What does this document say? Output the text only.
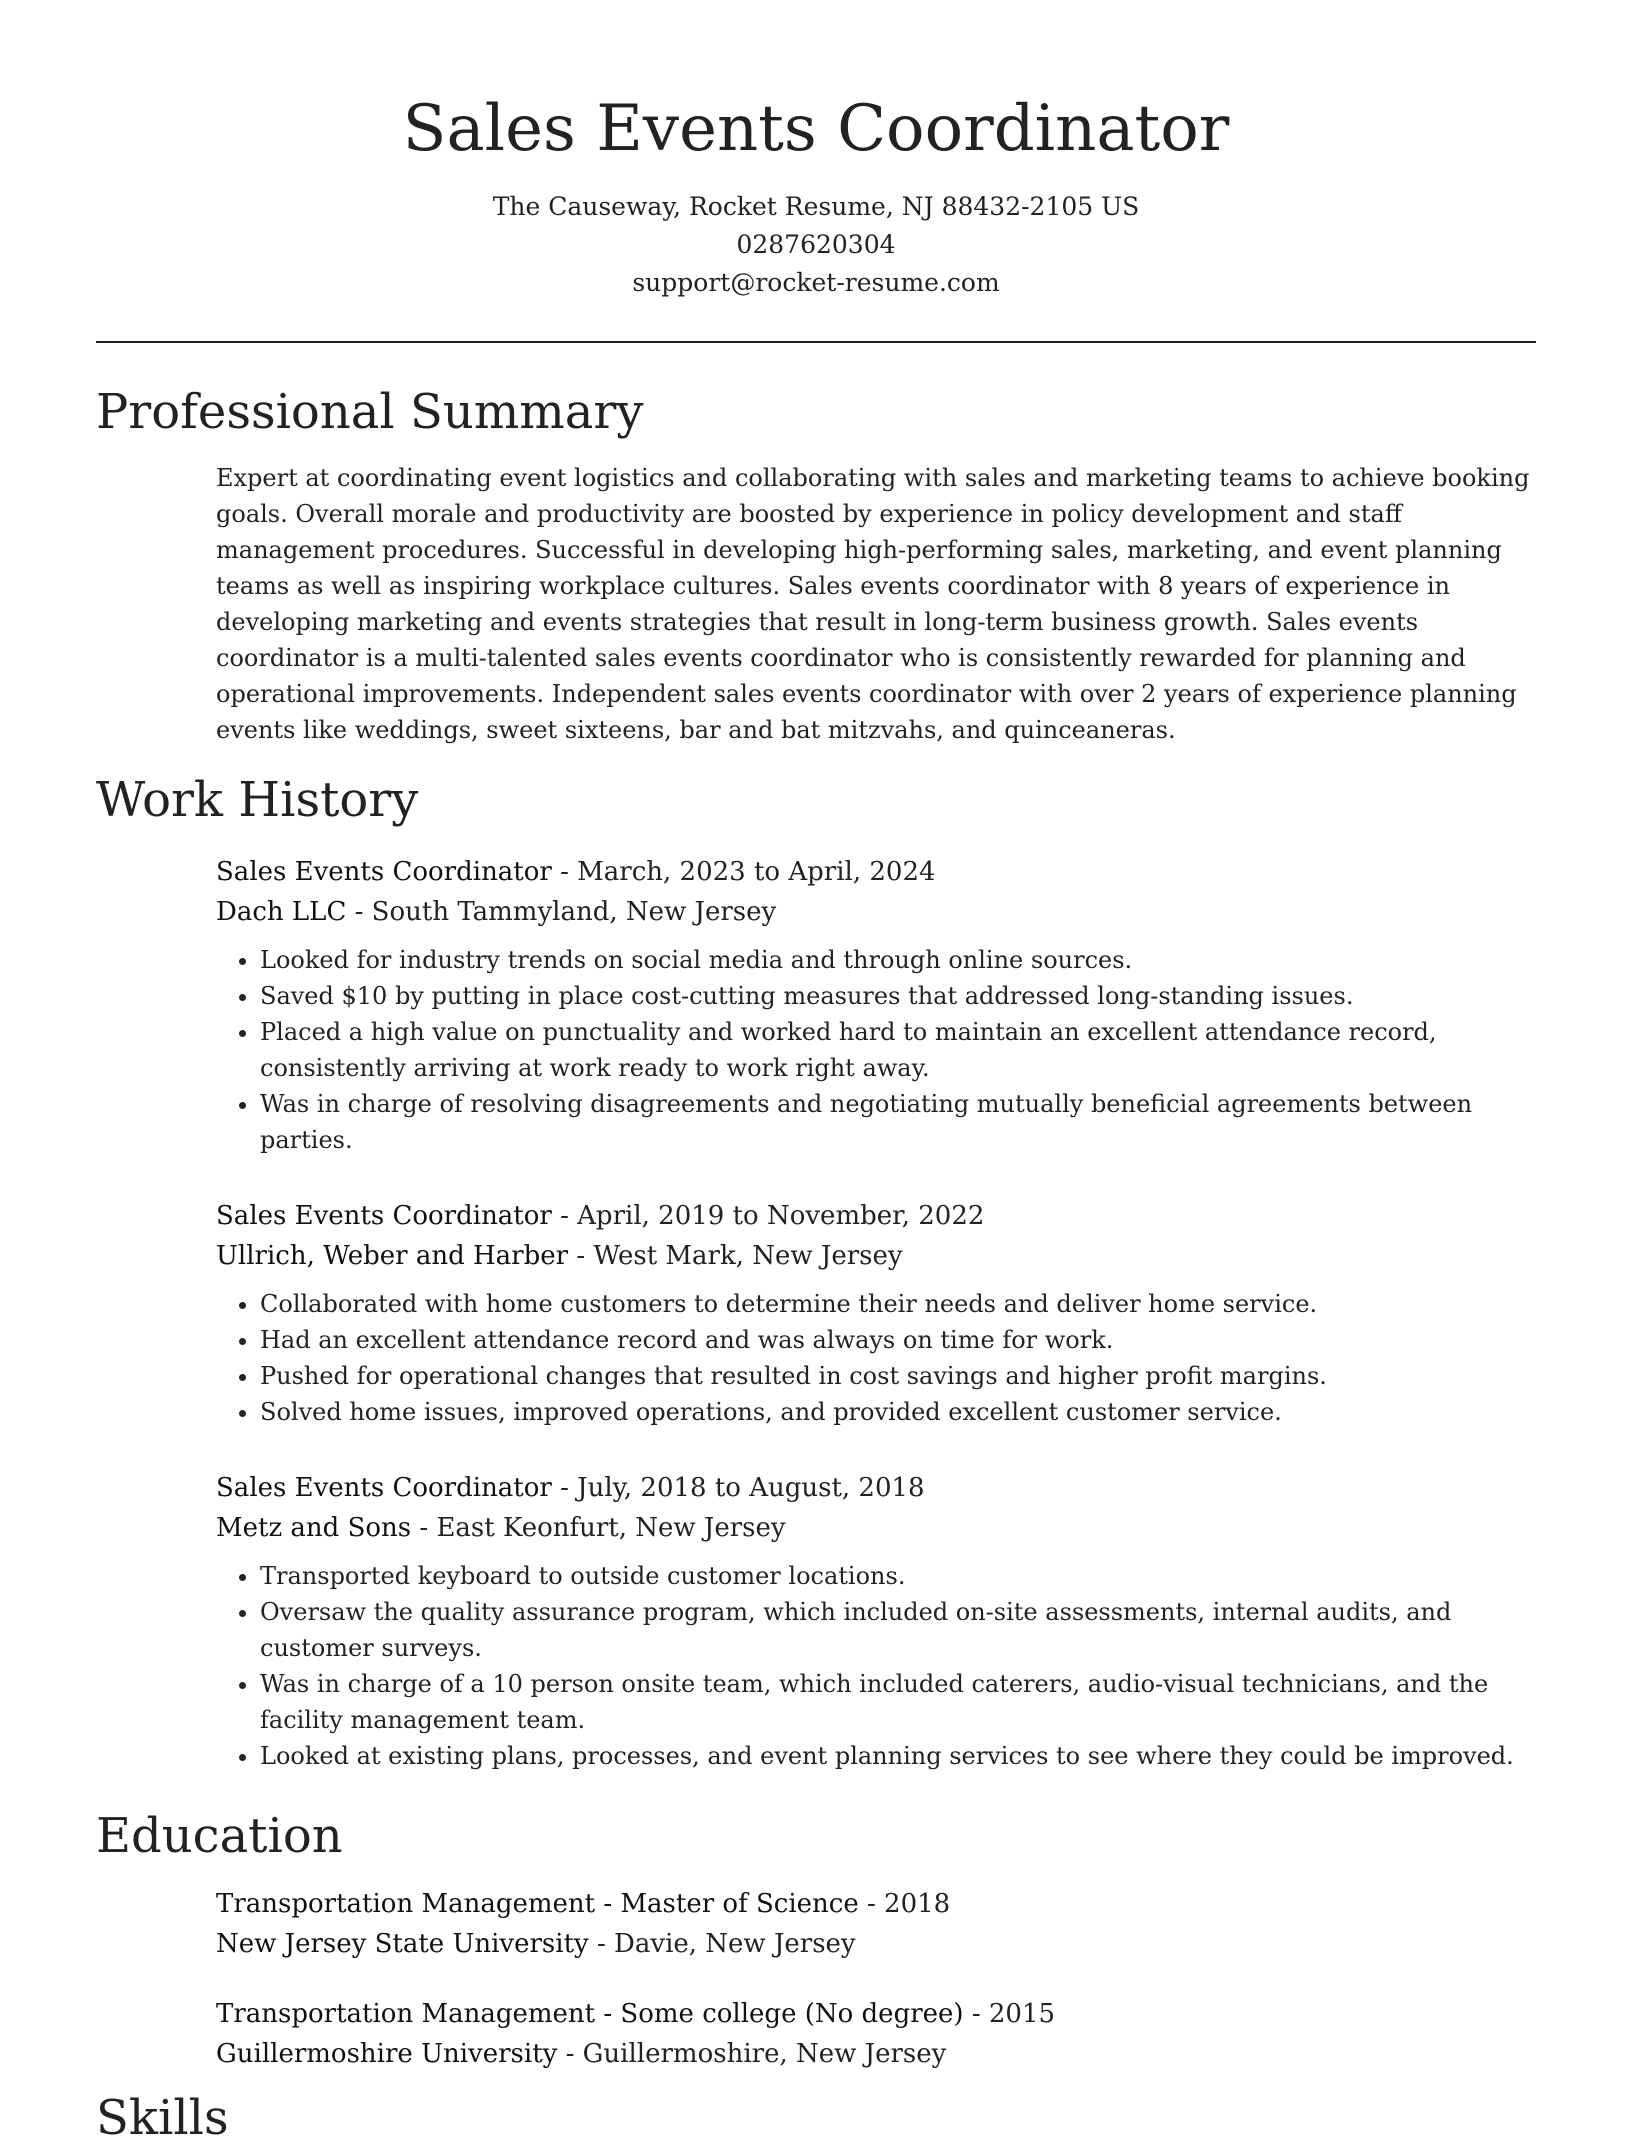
Sales Events Coordinator
The Causeway, Rocket Resume, NJ 88432-2105 US
0287620304
support@rocket-resume.com
Professional Summary

Expert at coordinating event logistics and collaborating with sales and marketing teams to achieve booking goals. Overall morale and productivity are boosted by experience in policy development and staff management procedures. Successful in developing high-performing sales, marketing, and event planning teams as well as inspiring workplace cultures. Sales events coordinator with 8 years of experience in developing marketing and events strategies that result in long-term business growth. Sales events coordinator is a multi-talented sales events coordinator who is consistently rewarded for planning and operational improvements. Independent sales events coordinator with over 2 years of experience planning events like weddings, sweet sixteens, bar and bat mitzvahs, and quinceaneras.

Work History
Sales Events Coordinator - March, 2023 to April, 2024
Dach LLC - South Tammyland, New Jersey
• Looked for industry trends on social media and through online sources.
• Saved $10 by putting in place cost-cutting measures that addressed long-standing issues.
• Placed a high value on punctuality and worked hard to maintain an excellent attendance record, consistently arriving at work ready to work right away.
• Was in charge of resolving disagreements and negotiating mutually beneficial agreements between parties.
Sales Events Coordinator - April, 2019 to November, 2022
Ullrich, Weber and Harber - West Mark, New Jersey
• Collaborated with home customers to determine their needs and deliver home service.
• Had an excellent attendance record and was always on time for work.
• Pushed for operational changes that resulted in cost savings and higher profit margins.
• Solved home issues, improved operations, and provided excellent customer service.
Sales Events Coordinator - July, 2018 to August, 2018
Metz and Sons - East Keonfurt, New Jersey
• Transported keyboard to outside customer locations.
• Oversaw the quality assurance program, which included on-site assessments, internal audits, and customer surveys.
• Was in charge of a 10 person onsite team, which included caterers, audio-visual technicians, and the facility management team.
• Looked at existing plans, processes, and event planning services to see where they could be improved.
Education
Transportation Management - Master of Science - 2018
New Jersey State University - Davie, New Jersey
Transportation Management - Some college (No degree) - 2015
Guillermoshire University - Guillermoshire, New Jersey
Skills
